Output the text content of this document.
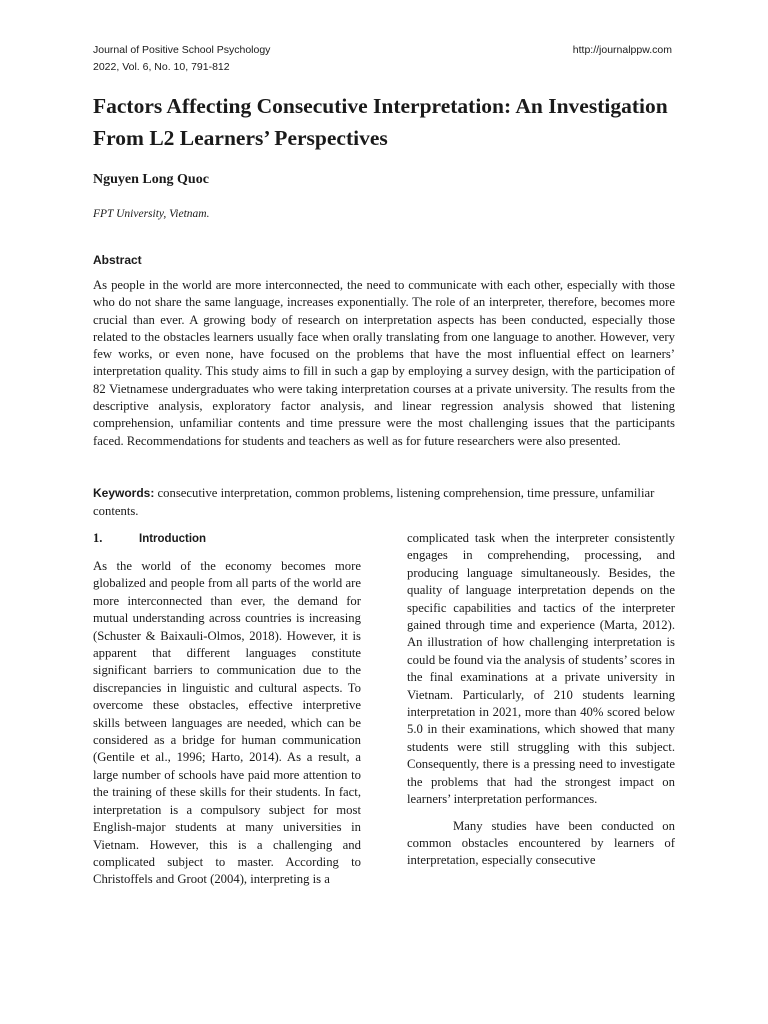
Journal of Positive School Psychology
2022, Vol. 6, No. 10, 791-812
http://journalppw.com
Factors Affecting Consecutive Interpretation: An Investigation From L2 Learners’ Perspectives

Nguyen Long Quoc

FPT University, Vietnam.

Abstract

As people in the world are more interconnected, the need to communicate with each other, especially with those who do not share the same language, increases exponentially. The role of an interpreter, therefore, becomes more crucial than ever. A growing body of research on interpretation aspects has been conducted, especially those related to the obstacles learners usually face when orally translating from one language to another. However, very few works, or even none, have focused on the problems that have the most influential effect on learners’ interpretation quality. This study aims to fill in such a gap by employing a survey design, with the participation of 82 Vietnamese undergraduates who were taking interpretation courses at a private university. The results from the descriptive analysis, exploratory factor analysis, and linear regression analysis showed that listening comprehension, unfamiliar contents and time pressure were the most challenging issues that the participants faced. Recommendations for students and teachers as well as for future researchers were also presented.

Keywords: consecutive interpretation, common problems, listening comprehension, time pressure, unfamiliar contents.

1.	Introduction

As the world of the economy becomes more globalized and people from all parts of the world are more interconnected than ever, the demand for mutual understanding across countries is increasing (Schuster & Baixauli-Olmos, 2018). However, it is apparent that different languages constitute significant barriers to communication due to the discrepancies in linguistic and cultural aspects. To overcome these obstacles, effective interpretive skills between languages are needed, which can be considered as a bridge for human communication (Gentile et al., 1996; Harto, 2014). As a result, a large number of schools have paid more attention to the training of these skills for their students. In fact, interpretation is a compulsory subject for most English-major students at many universities in Vietnam. However, this is a challenging and complicated subject to master. According to Christoffels and Groot (2004), interpreting is a

complicated task when the interpreter consistently engages in comprehending, processing, and producing language simultaneously. Besides, the quality of language interpretation depends on the specific capabilities and tactics of the interpreter gained through time and experience (Marta, 2012). An illustration of how challenging interpretation is could be found via the analysis of students’ scores in the final examinations at a private university in Vietnam. Particularly, of 210 students learning interpretation in 2021, more than 40% scored below 5.0 in their examinations, which showed that many students were still struggling with this subject. Consequently, there is a pressing need to investigate the problems that had the strongest impact on learners’ interpretation performances.

Many studies have been conducted on common obstacles encountered by learners of interpretation, especially consecutive
